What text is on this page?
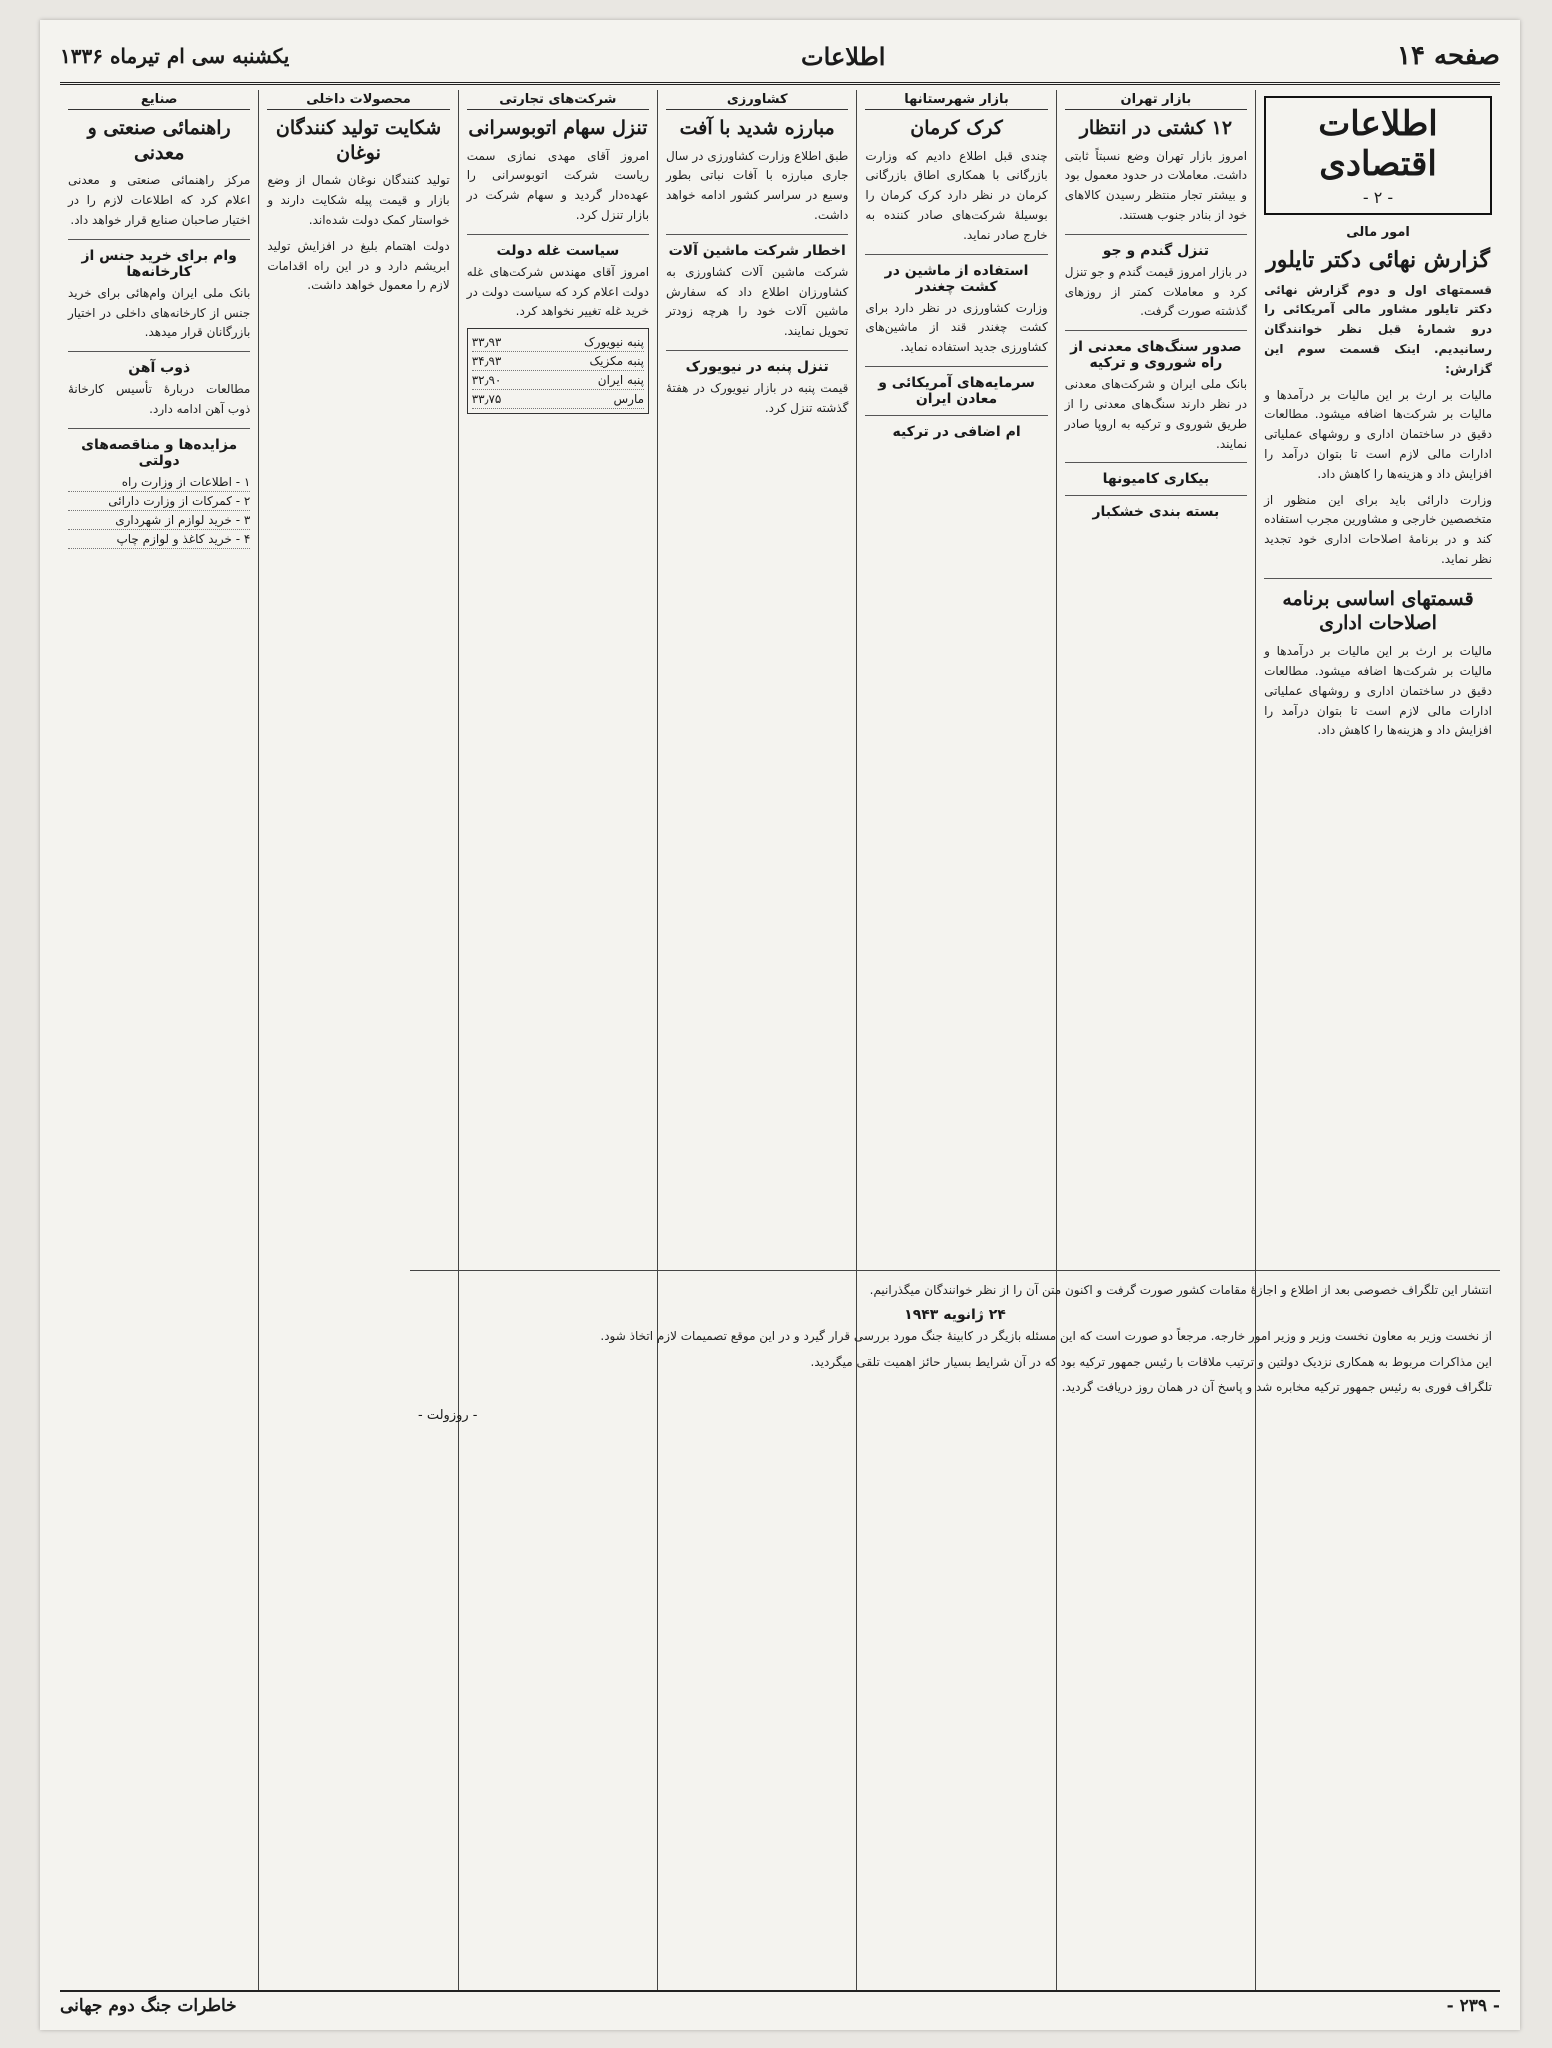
صفحه ۱۴
اطلاعات
یکشنبه سی ام تیرماه ۱۳۳۶
اطلاعات اقتصادی
- ۲ -
امور مالی
گزارش نهائی دکتر تایلور

قسمتهای اول و دوم گزارش نهائی دکتر تایلور مشاور مالی آمریکائی را درو شمارهٔ قبل نظر خوانندگان رسانیدیم. اینک قسمت سوم این گزارش:

مالیات بر ارث بر این مالیات بر درآمدها و مالیات بر شرکت‌ها اضافه میشود. مطالعات دقیق در ساختمان اداری و روشهای عملیاتی ادارات مالی لازم است تا بتوان درآمد را افزایش داد و هزینه‌ها را کاهش داد.

وزارت دارائی باید برای این منظور از متخصصین خارجی و مشاورین مجرب استفاده کند و در برنامهٔ اصلاحات اداری خود تجدید نظر نماید.

قسمتهای اساسی برنامه اصلاحات اداری

مالیات بر ارث بر این مالیات بر درآمدها و مالیات بر شرکت‌ها اضافه میشود. مطالعات دقیق در ساختمان اداری و روشهای عملیاتی ادارات مالی لازم است تا بتوان درآمد را افزایش داد و هزینه‌ها را کاهش داد.

بازار تهران
۱۲ کشتی در انتظار

امروز بازار تهران وضع نسبتاً ثابتی داشت. معاملات در حدود معمول بود و بیشتر تجار منتظر رسیدن کالاهای خود از بنادر جنوب هستند.

تنزل گندم و جو

در بازار امروز قیمت گندم و جو تنزل کرد و معاملات کمتر از روزهای گذشته صورت گرفت.

صدور سنگ‌های معدنی از راه شوروی و ترکیه

بانک ملی ایران و شرکت‌های معدنی در نظر دارند سنگ‌های معدنی را از طریق شوروی و ترکیه به اروپا صادر نمایند.

بیکاری کامیونها
بسته بندی خشکبار
بازار شهرستانها
کرک کرمان

چندی قبل اطلاع دادیم که وزارت بازرگانی با همکاری اطاق بازرگانی کرمان در نظر دارد کرک کرمان را بوسیلهٔ شرکت‌های صادر کننده به خارج صادر نماید.

استفاده از ماشین در کشت چغندر

وزارت کشاورزی در نظر دارد برای کشت چغندر قند از ماشین‌های کشاورزی جدید استفاده نماید.

سرمایه‌های آمریکائی و معادن ایران
ام اضافی در ترکیه
کشاورزی
مبارزه شدید با آفت

طبق اطلاع وزارت کشاورزی در سال جاری مبارزه با آفات نباتی بطور وسیع در سراسر کشور ادامه خواهد داشت.

اخطار شرکت ماشین آلات

شرکت ماشین آلات کشاورزی به کشاورزان اطلاع داد که سفارش ماشین آلات خود را هرچه زودتر تحویل نمایند.

تنزل پنبه در نیویورک

قیمت پنبه در بازار نیویورک در هفتهٔ گذشته تنزل کرد.

شرکت‌های تجارتی
تنزل سهام اتوبوسرانی

امروز آقای مهدی نمازی سمت ریاست شرکت اتوبوسرانی را عهده‌دار گردید و سهام شرکت در بازار تنزل کرد.

سیاست غله دولت

امروز آقای مهندس شرکت‌های غله دولت اعلام کرد که سیاست دولت در خرید غله تغییر نخواهد کرد.

پنبه نیویورک
۳۳٫۹۳
پنبه مکزیک
۳۴٫۹۳
پنبه ایران
۳۲٫۹۰
مارس
۳۳٫۷۵
محصولات داخلی
شکایت تولید کنندگان نوغان

تولید کنندگان نوغان شمال از وضع بازار و قیمت پیله شکایت دارند و خواستار کمک دولت شده‌اند.

دولت اهتمام بلیغ در افزایش تولید ابریشم دارد و در این راه اقدامات لازم را معمول خواهد داشت.

صنایع
راهنمائی صنعتی و معدنی

مرکز راهنمائی صنعتی و معدنی اعلام کرد که اطلاعات لازم را در اختیار صاحبان صنایع قرار خواهد داد.

وام برای خرید جنس از کارخانه‌ها

بانک ملی ایران وام‌هائی برای خرید جنس از کارخانه‌های داخلی در اختیار بازرگانان قرار میدهد.

ذوب آهن

مطالعات دربارهٔ تأسیس کارخانهٔ ذوب آهن ادامه دارد.

مزایده‌ها و مناقصه‌های دولتی
۱ - اطلاعات از وزارت راه
۲ - کمرکات از وزارت دارائی
۳ - خرید لوازم از شهرداری
۴ - خرید کاغذ و لوازم چاپ

انتشار این تلگراف خصوصی بعد از اطلاع و اجازهٔ مقامات کشور صورت گرفت و اکنون متن آن را از نظر خوانندگان میگذرانیم.

۲۴ ژانویه ۱۹۴۳

از نخست وزیر به معاون نخست وزیر و وزیر امور خارجه. مرجعاً دو صورت است که این مسئله بازیگر در کابینهٔ جنگ مورد بررسی قرار گیرد و در این موقع تصمیمات لازم اتخاذ شود.

این مذاکرات مربوط به همکاری نزدیک دولتین و ترتیب ملاقات با رئیس جمهور ترکیه بود که در آن شرایط بسیار حائز اهمیت تلقی میگردید.

تلگراف فوری به رئیس جمهور ترکیه مخابره شد و پاسخ آن در همان روز دریافت گردید.

- روزولت -
- ۲۳۹ -
خاطرات جنگ دوم جهانی
